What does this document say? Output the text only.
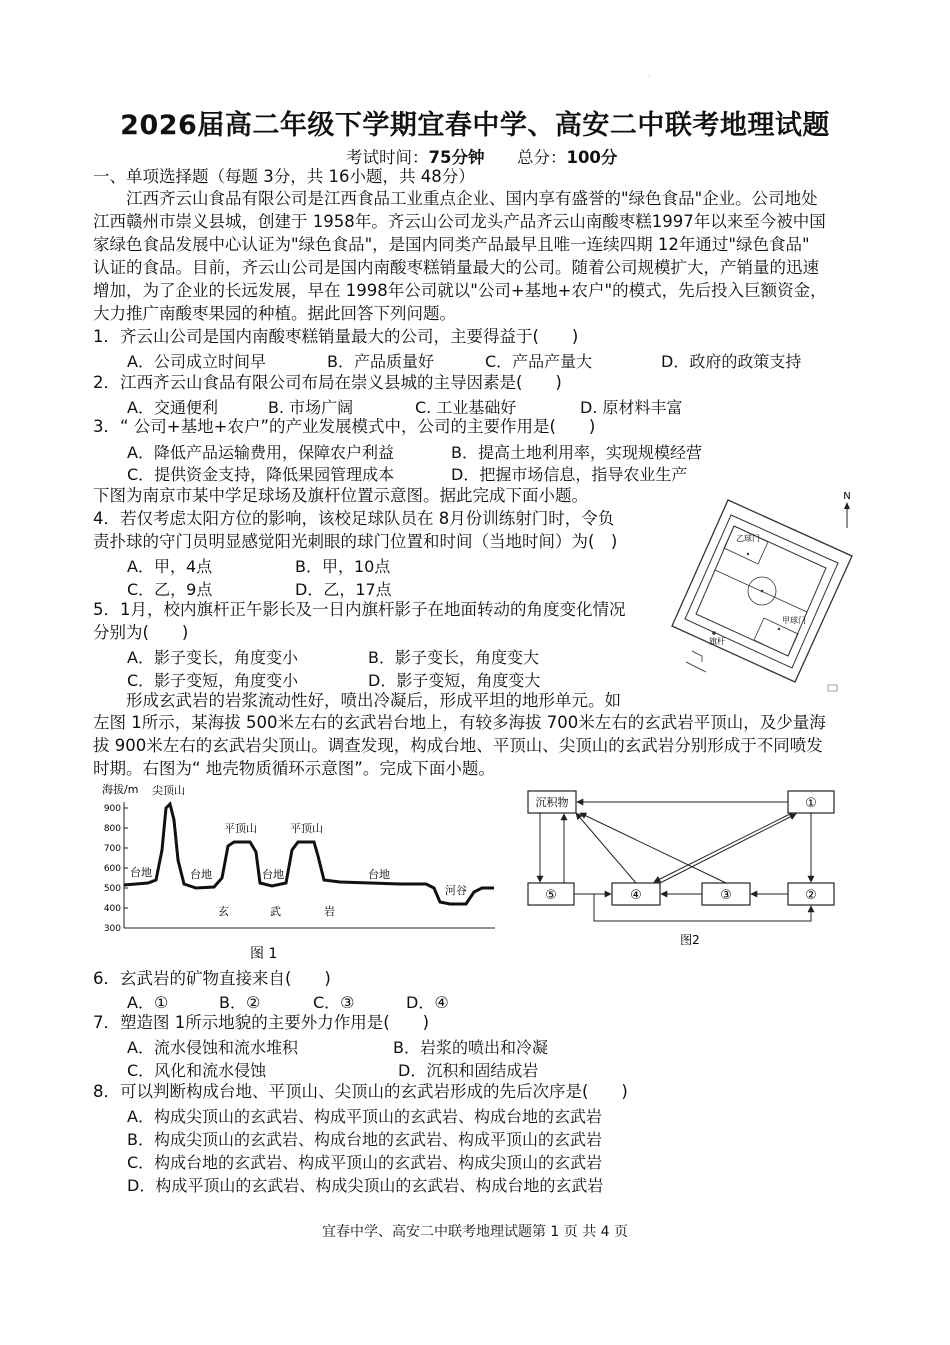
·
2026届高二年级下学期宜春中学、高安二中联考地理试题
考试时间：75分钟 总分：100分
一、单项选择题（每题 3分，共 16小题，共 48分）
江西齐云山食品有限公司是江西食品工业重点企业、国内享有盛誉的"绿色食品"企业。公司地处
江西赣州市崇义县城，创建于 1958年。齐云山公司龙头产品齐云山南酸枣糕1997年以来至今被中国
家绿色食品发展中心认证为"绿色食品"，是国内同类产品最早且唯一连续四期 12年通过"绿色食品"
认证的食品。目前，齐云山公司是国内南酸枣糕销量最大的公司。随着公司规模扩大，产销量的迅速
增加，为了企业的长远发展，早在 1998年公司就以"公司+基地+农户"的模式，先后投入巨额资金，
大力推广南酸枣果园的种植。据此回答下列问题。
1．齐云山公司是国内南酸枣糕销量最大的公司，主要得益于(　　)
A．公司成立时间早	B．产品质量好	C．产品产量大	D．政府的政策支持
2．江西齐云山食品有限公司布局在崇义县城的主导因素是(　　)
A．交通便利	B. 市场广阔	C. 工业基础好	D. 原材料丰富
3．“ 公司+基地+农户”的产业发展模式中，公司的主要作用是(　　)
A．降低产品运输费用，保障农户利益	B．提高土地利用率，实现规模经营
C．提供资金支持，降低果园管理成本	D．把握市场信息，指导农业生产
下图为南京市某中学足球场及旗杆位置示意图。据此完成下面小题。
4．若仅考虑太阳方位的影响，该校足球队员在 8月份训练射门时，令负
责扑球的守门员明显感觉阳光刺眼的球门位置和时间（当地时间）为(　)
A．甲，4点	B．甲，10点
C．乙，9点	D．乙，17点
5．1月，校内旗杆正午影长及一日内旗杆影子在地面转动的角度变化情况
分别为(　　)
A．影子变长，角度变小	B．影子变长，角度变大
C．影子变短，角度变小	D．影子变短，角度变大
N
乙球门
甲球门
旗杆
形成玄武岩的岩浆流动性好，喷出冷凝后，形成平坦的地形单元。如
左图 1所示，某海拔 500米左右的玄武岩台地上，有较多海拔 700米左右的玄武岩平顶山，及少量海
拔 900米左右的玄武岩尖顶山。调查发现，构成台地、平顶山、尖顶山的玄武岩分别形成于不同喷发
时期。右图为“ 地壳物质循环示意图”。完成下面小题。
海拔/m
900
800
700
600
500
400
300
尖顶山
平顶山	平顶山
台地	台地	台地	台地
河谷
玄	武	岩
图 1
沉积物	①
⑤	④	③	②
图2
6．玄武岩的矿物直接来自(　　)
A．①	B．②	C．③	D．④
7．塑造图 1所示地貌的主要外力作用是(　　)
A．流水侵蚀和流水堆积	B．岩浆的喷出和冷凝
C．风化和流水侵蚀	D．沉积和固结成岩
8．可以判断构成台地、平顶山、尖顶山的玄武岩形成的先后次序是(　　)
A．构成尖顶山的玄武岩、构成平顶山的玄武岩、构成台地的玄武岩
B．构成尖顶山的玄武岩、构成台地的玄武岩、构成平顶山的玄武岩
C．构成台地的玄武岩、构成平顶山的玄武岩、构成尖顶山的玄武岩
D．构成平顶山的玄武岩、构成尖顶山的玄武岩、构成台地的玄武岩
宜春中学、高安二中联考地理试题第 1 页 共 4 页
